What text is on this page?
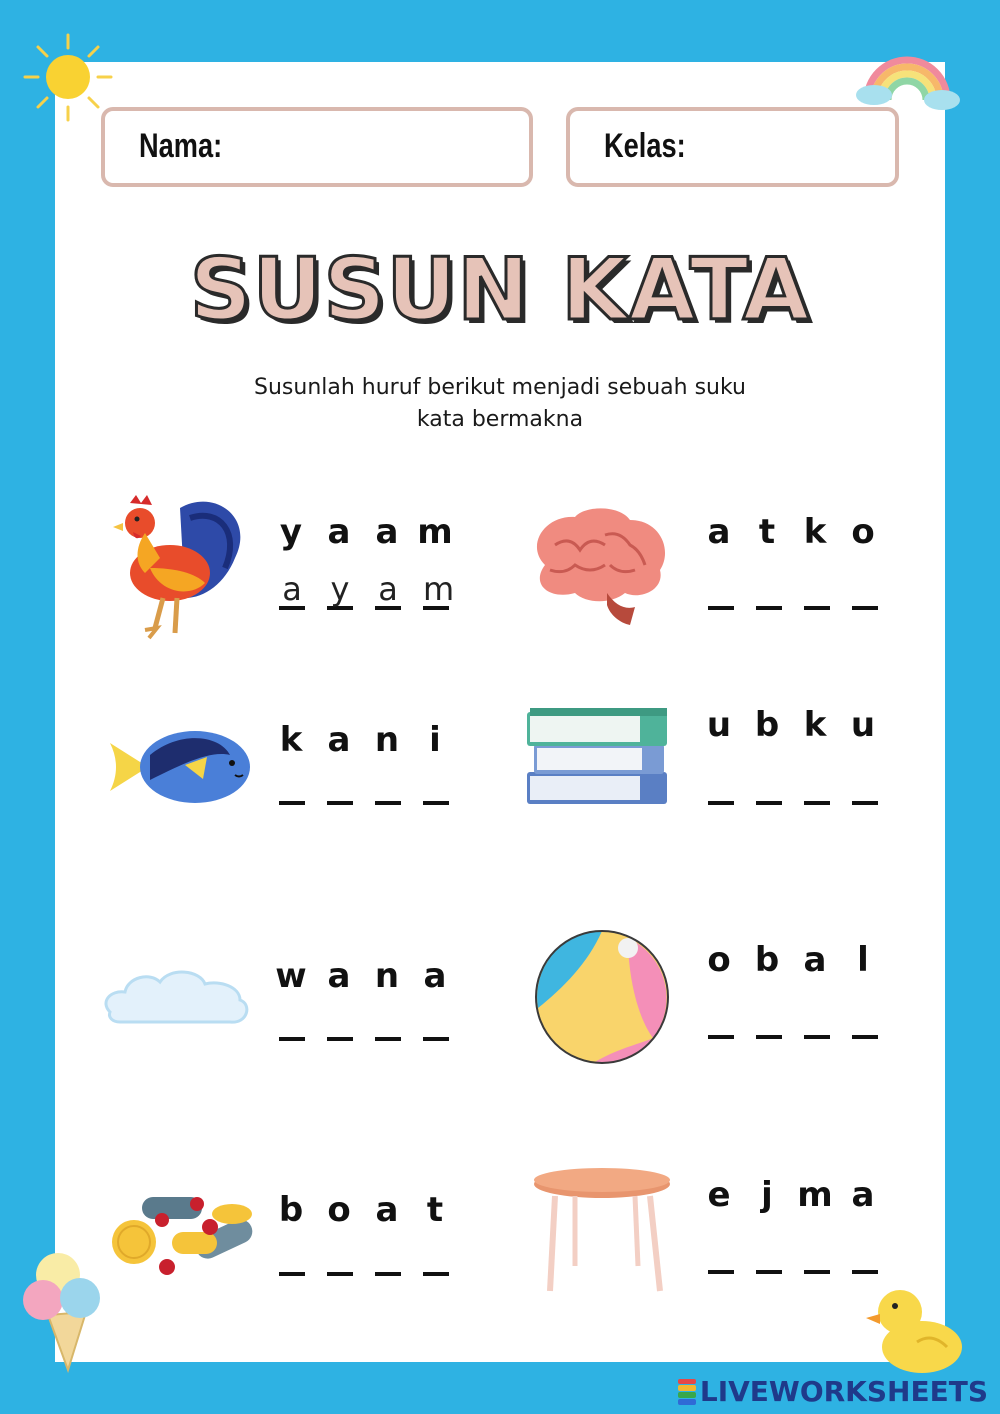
Nama:	Kelas:
SUSUN KATA
Susunlah huruf berikut menjadi sebuah suku
kata bermakna
y a a m
a y a m
a t k o
k a n i	u b k u
w a n a	o b a l
b o a t	e j m a
LIVEWORKSHEETS
